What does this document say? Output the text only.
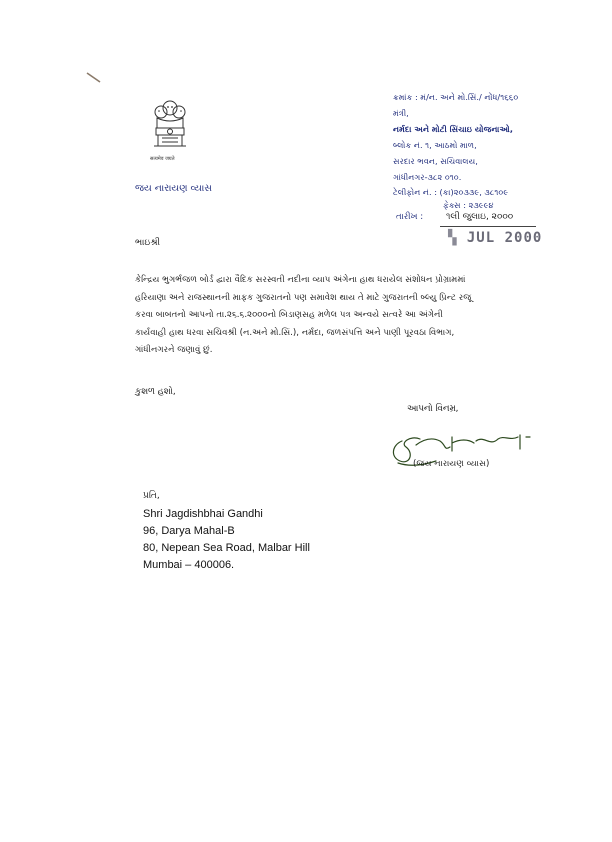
सत्यमेव जयते
જય નારાયણ વ્યાસ
ક્રમાંક : મં/ન. અને મો.સિં./ નોંધ/૧૬૬૦
મંત્રી,
નર્મદા અને મોટી સિંચાઇ યોજનાઓ,
બ્લોક નં. ૧, આઠમો માળ,
સરદાર ભવન, સચિવાલય,
ગાંધીનગર-૩૮૨ ૦૧૦.
ટેલીફોન નં. : (કા)૨૦૩૩૯, ૩૮૧૦૯
ફેક્સ : ૨૩૯૯૪
તારીખ :	૧લી જુલાઇ, ૨૦૦૦
▚ JUL 2000
ભાઇશ્રી
કેન્દ્રિય ભુગર્ભજળ બોર્ડ દ્વારા વૈદિક સરસ્વતી નદીના વ્યાપ અંગેના હાથ ધરાયેલ સંશોધન પ્રોગ્રામમાં
હરિયાણા અને રાજસ્થાનની માફક ગુજરાતનો પણ સમાવેશ થાય તે માટે ગુજરાતની બ્લ્યુ પ્રિન્ટ રજૂ
કરવા બાબતનો આપનો તા.૨૬.૬.૨૦૦૦નો બિડાણસહ મળેલ પત્ર અન્વયે સત્વરે આ અંગેની
કાર્યવાહી હાથ ધરવા સચિવશ્રી (ન.અને મો.સિં.), નર્મદા, જળસંપત્તિ અને પાણી પૂરવઠા વિભાગ,
ગાંધીનગરને જણાવું છું.
કુશળ હશો,
આપનો વિનમ્ર,
(જય નારાયણ વ્યાસ)
પ્રતિ,
Shri Jagdishbhai Gandhi
96, Darya Mahal-B
80, Nepean Sea Road, Malbar Hill
Mumbai – 400006.
